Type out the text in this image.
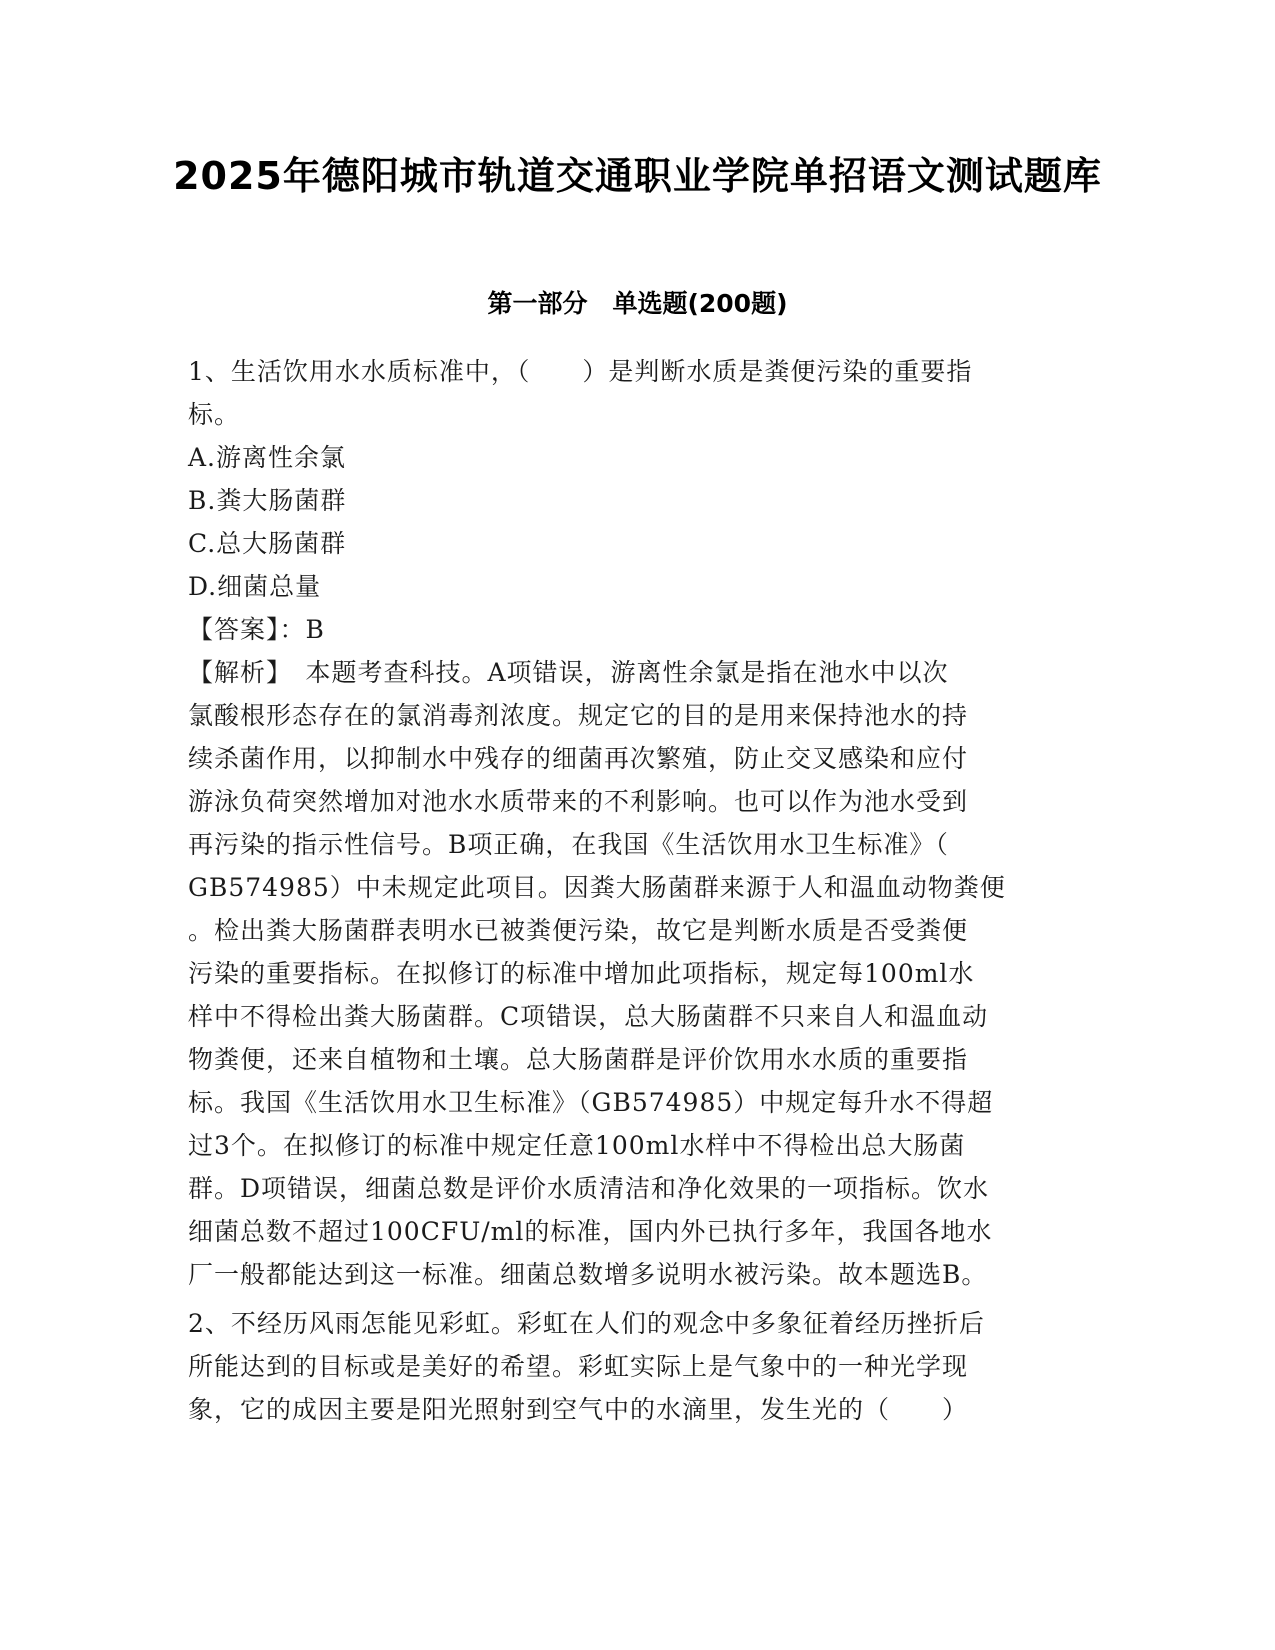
2025年德阳城市轨道交通职业学院单招语文测试题库
第一部分　单选题(200题)

1、生活饮用水水质标准中，（　　）是判断水质是粪便污染的重要指
标。

A.游离性余氯
B.粪大肠菌群
C.总大肠菌群
D.细菌总量
【答案】：B

【解析】　本题考查科技。A项错误，游离性余氯是指在池水中以次
氯酸根形态存在的氯消毒剂浓度。规定它的目的是用来保持池水的持
续杀菌作用，以抑制水中残存的细菌再次繁殖，防止交叉感染和应付
游泳负荷突然增加对池水水质带来的不利影响。也可以作为池水受到
再污染的指示性信号。B项正确，在我国《生活饮用水卫生标准》（
GB574985）中未规定此项目。因粪大肠菌群来源于人和温血动物粪便
。检出粪大肠菌群表明水已被粪便污染，故它是判断水质是否受粪便
污染的重要指标。在拟修订的标准中增加此项指标，规定每100ml水
样中不得检出粪大肠菌群。C项错误，总大肠菌群不只来自人和温血动
物粪便，还来自植物和土壤。总大肠菌群是评价饮用水水质的重要指
标。我国《生活饮用水卫生标准》（GB574985）中规定每升水不得超
过3个。在拟修订的标准中规定任意100ml水样中不得检出总大肠菌
群。D项错误，细菌总数是评价水质清洁和净化效果的一项指标。饮水
细菌总数不超过100CFU/ml的标准，国内外已执行多年，我国各地水
厂一般都能达到这一标准。细菌总数增多说明水被污染。故本题选B。

2、不经历风雨怎能见彩虹。彩虹在人们的观念中多象征着经历挫折后
所能达到的目标或是美好的希望。彩虹实际上是气象中的一种光学现
象，它的成因主要是阳光照射到空气中的水滴里，发生光的（　　）
